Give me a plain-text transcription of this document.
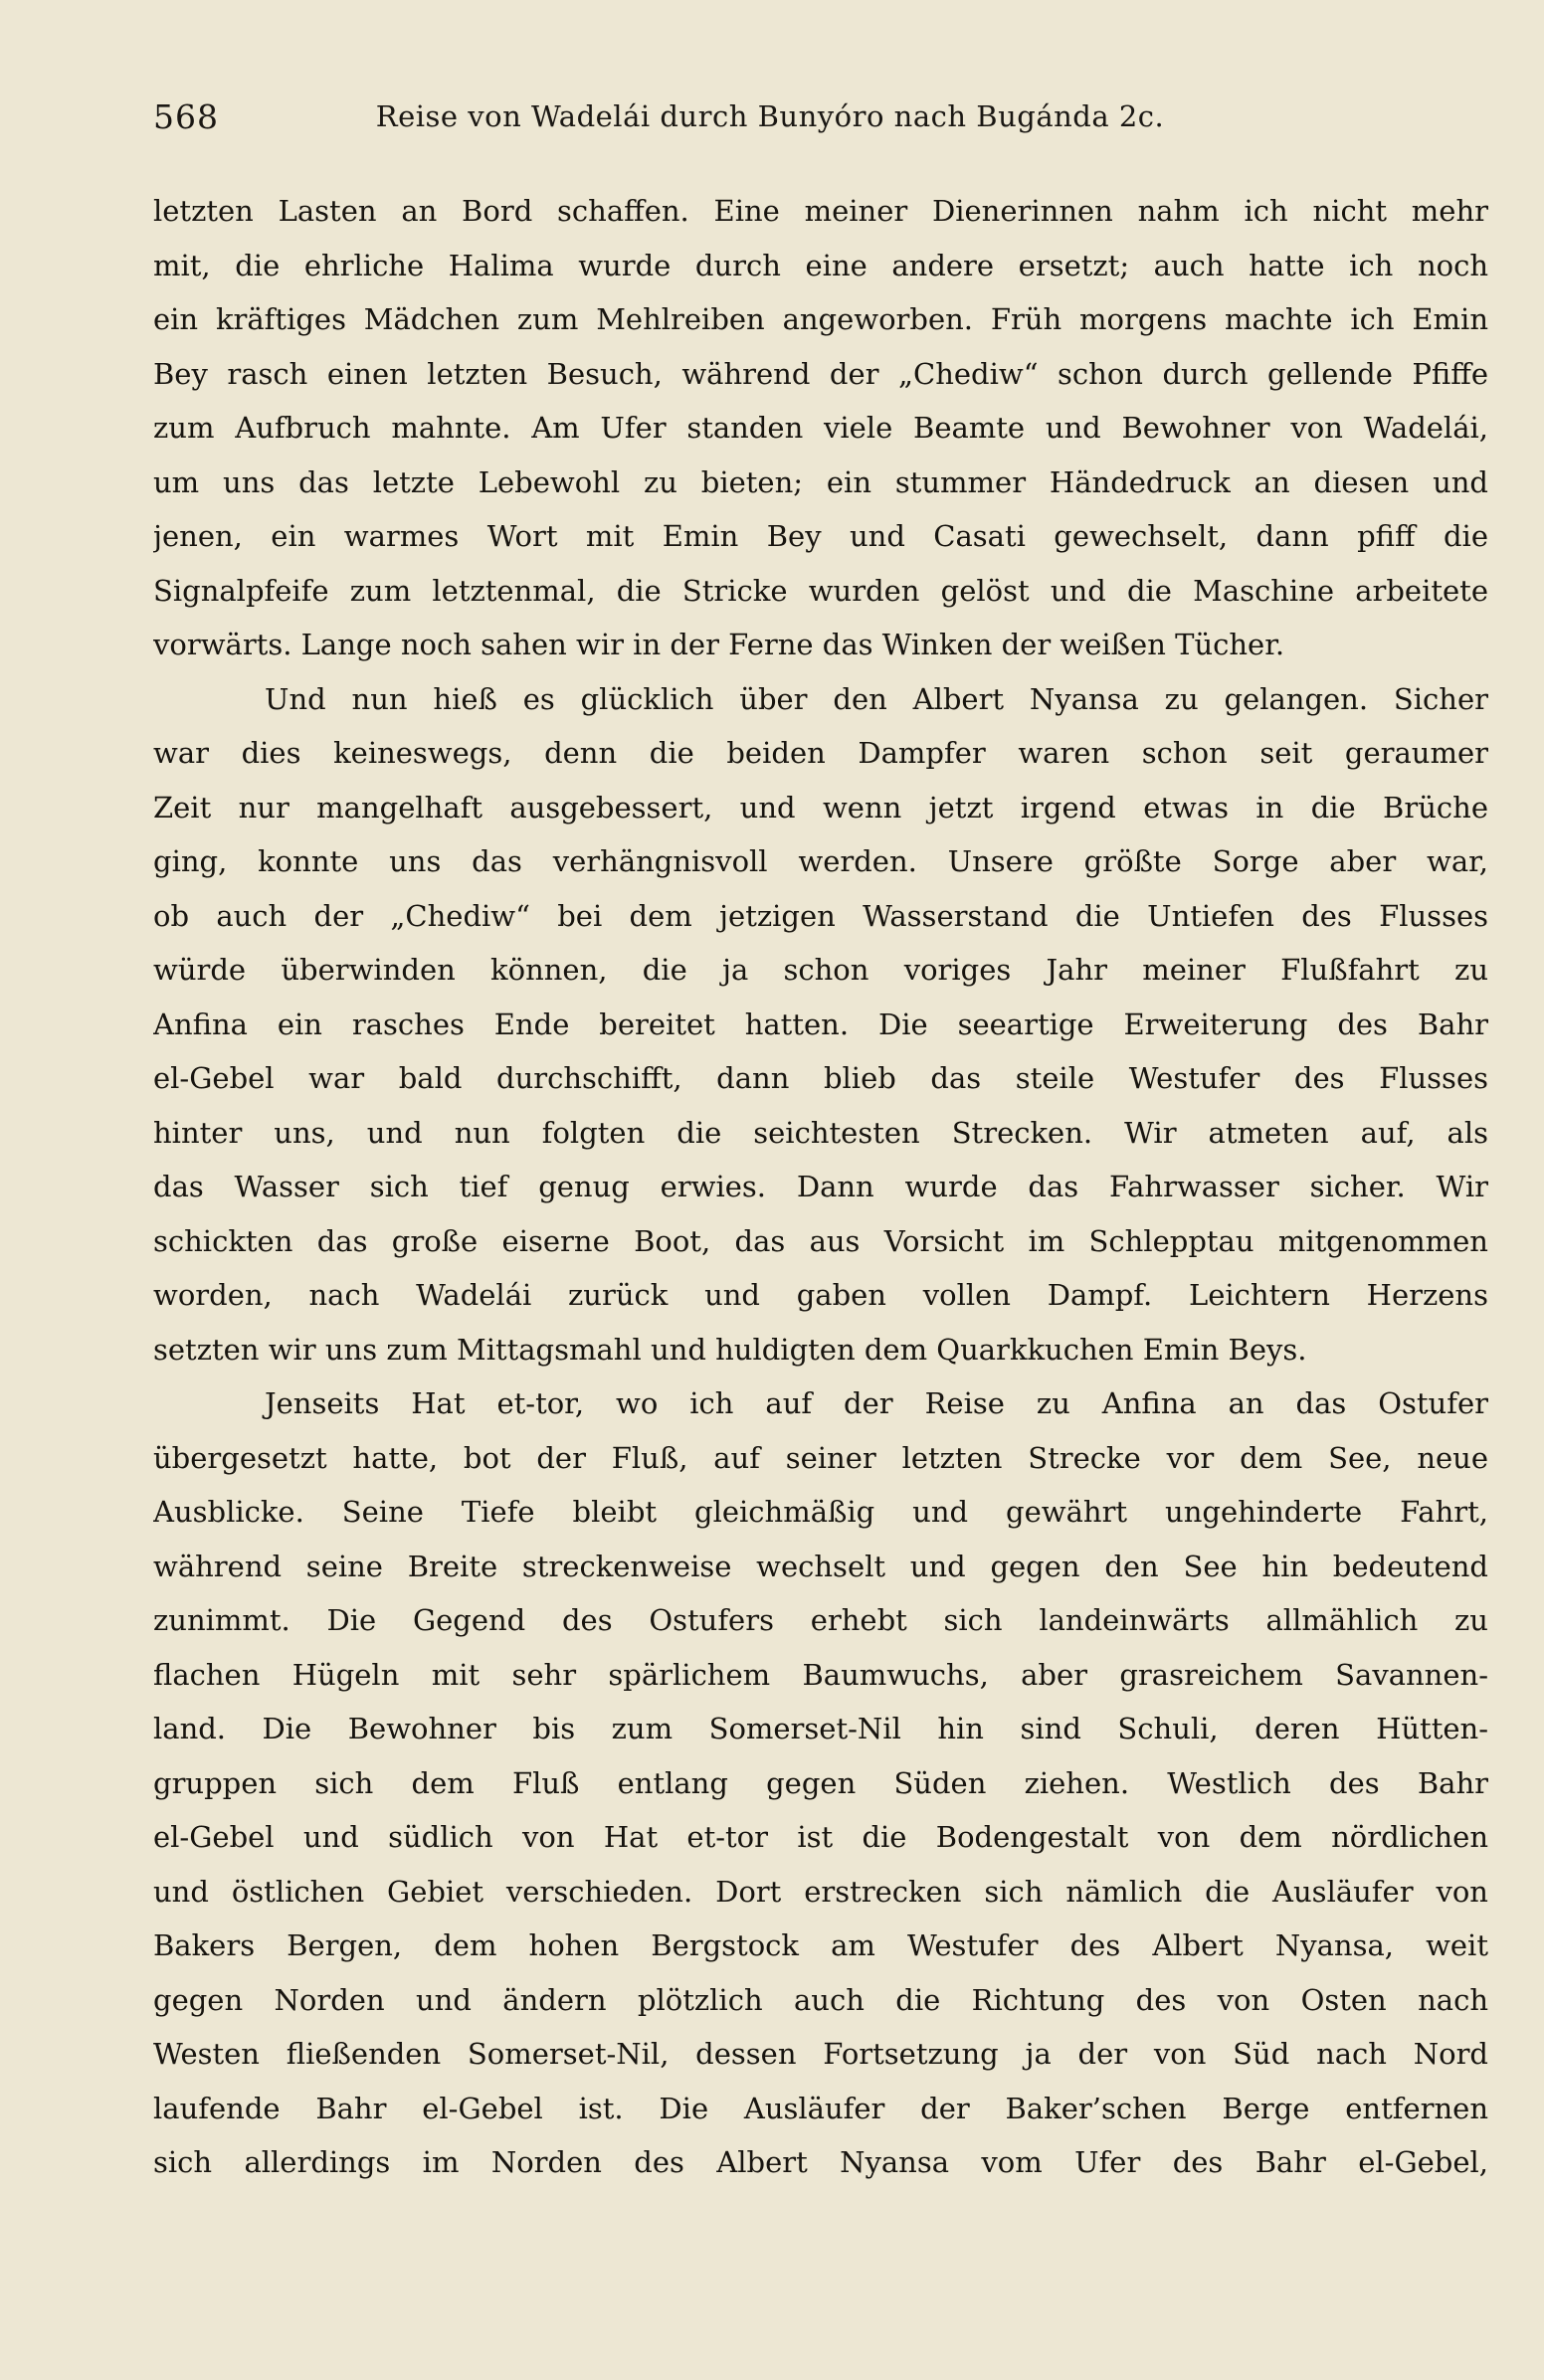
568	Reise von Wadelái durch Bunyóro nach Bugánda 2c.
letzten Lasten an Bord schaffen. Eine meiner Dienerinnen nahm ich nicht mehr
mit, die ehrliche Halima wurde durch eine andere ersetzt; auch hatte ich noch
ein kräftiges Mädchen zum Mehlreiben angeworben. Früh morgens machte ich Emin
Bey rasch einen letzten Besuch, während der „Chediw“ schon durch gellende Pfiffe
zum Aufbruch mahnte. Am Ufer standen viele Beamte und Bewohner von Wadelái,
um uns das letzte Lebewohl zu bieten; ein stummer Händedruck an diesen und
jenen, ein warmes Wort mit Emin Bey und Casati gewechselt, dann pfiff die
Signalpfeife zum letztenmal, die Stricke wurden gelöst und die Maschine arbeitete
vorwärts. Lange noch sahen wir in der Ferne das Winken der weißen Tücher.
Und nun hieß es glücklich über den Albert Nyansa zu gelangen. Sicher
war dies keineswegs, denn die beiden Dampfer waren schon seit geraumer
Zeit nur mangelhaft ausgebessert, und wenn jetzt irgend etwas in die Brüche
ging, konnte uns das verhängnisvoll werden. Unsere größte Sorge aber war,
ob auch der „Chediw“ bei dem jetzigen Wasserstand die Untiefen des Flusses
würde überwinden können, die ja schon voriges Jahr meiner Flußfahrt zu
Anfina ein rasches Ende bereitet hatten. Die seeartige Erweiterung des Bahr
el-Gebel war bald durchschifft, dann blieb das steile Westufer des Flusses
hinter uns, und nun folgten die seichtesten Strecken. Wir atmeten auf, als
das Wasser sich tief genug erwies. Dann wurde das Fahrwasser sicher. Wir
schickten das große eiserne Boot, das aus Vorsicht im Schlepptau mitgenommen
worden, nach Wadelái zurück und gaben vollen Dampf. Leichtern Herzens
setzten wir uns zum Mittagsmahl und huldigten dem Quarkkuchen Emin Beys.
Jenseits Hat et-tor, wo ich auf der Reise zu Anfina an das Ostufer
übergesetzt hatte, bot der Fluß, auf seiner letzten Strecke vor dem See, neue
Ausblicke. Seine Tiefe bleibt gleichmäßig und gewährt ungehinderte Fahrt,
während seine Breite streckenweise wechselt und gegen den See hin bedeutend
zunimmt. Die Gegend des Ostufers erhebt sich landeinwärts allmählich zu
flachen Hügeln mit sehr spärlichem Baumwuchs, aber grasreichem Savannen-
land. Die Bewohner bis zum Somerset-Nil hin sind Schuli, deren Hütten-
gruppen sich dem Fluß entlang gegen Süden ziehen. Westlich des Bahr
el-Gebel und südlich von Hat et-tor ist die Bodengestalt von dem nördlichen
und östlichen Gebiet verschieden. Dort erstrecken sich nämlich die Ausläufer von
Bakers Bergen, dem hohen Bergstock am Westufer des Albert Nyansa, weit
gegen Norden und ändern plötzlich auch die Richtung des von Osten nach
Westen fließenden Somerset-Nil, dessen Fortsetzung ja der von Süd nach Nord
laufende Bahr el-Gebel ist. Die Ausläufer der Baker’schen Berge entfernen
sich allerdings im Norden des Albert Nyansa vom Ufer des Bahr el-Gebel,
